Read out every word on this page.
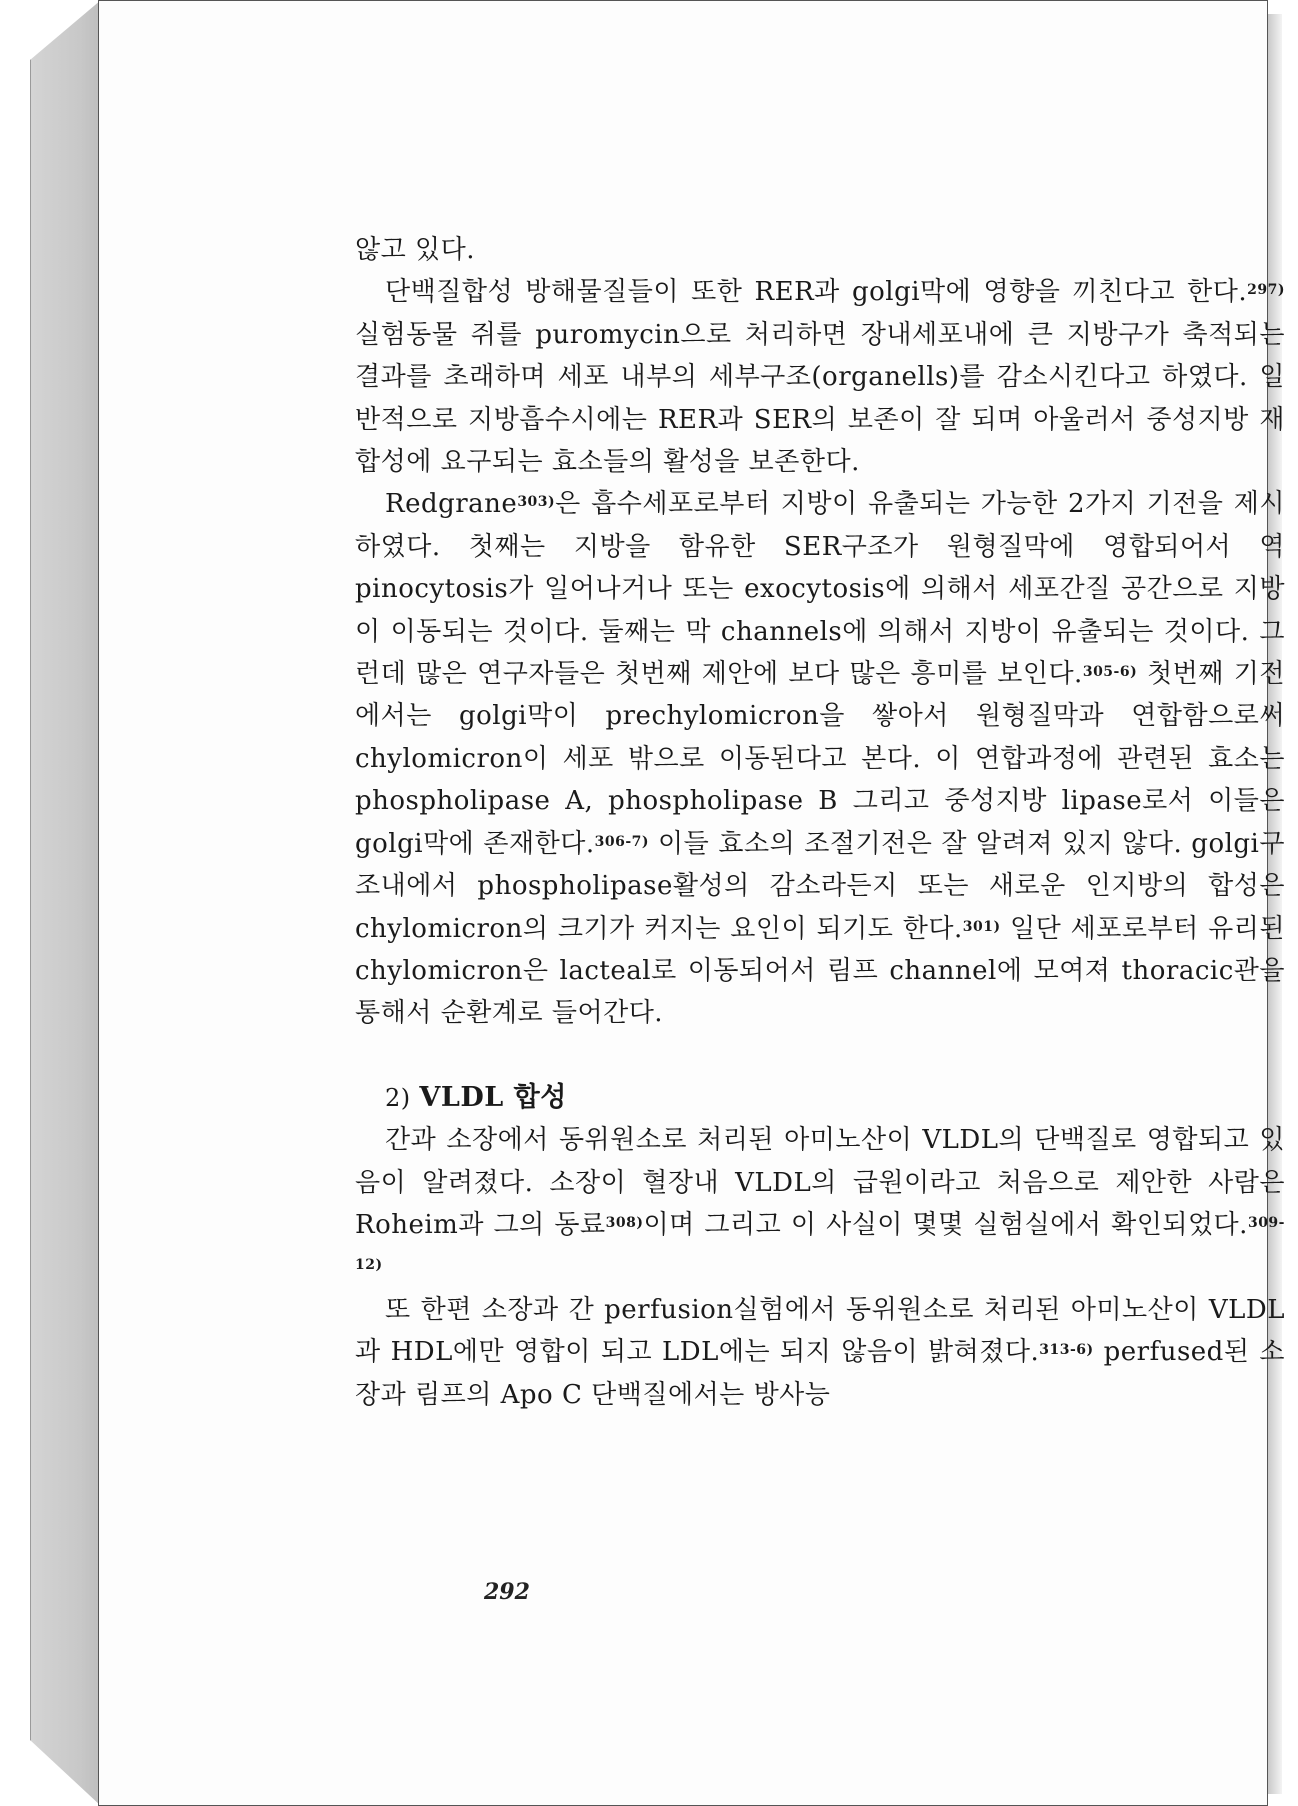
않고 있다.

단백질합성 방해물질들이 또한 RER과 golgi막에 영향을 끼친다고 한다.$^{297)}$ 실험동물 쥐를 puromycin으로 처리하면 장내세포내에 큰 지방구가 축적되는 결과를 초래하며 세포 내부의 세부구조(organells)를 감소시킨다고 하였다. 일반적으로 지방흡수시에는 RER과 SER의 보존이 잘 되며 아울러서 중성지방 재합성에 요구되는 효소들의 활성을 보존한다.

Redgrane$^{303)}$은 흡수세포로부터 지방이 유출되는 가능한 2가지 기전을 제시하였다. 첫째는 지방을 함유한 SER구조가 원형질막에 영합되어서 역 pinocytosis가 일어나거나 또는 exocytosis에 의해서 세포간질 공간으로 지방이 이동되는 것이다. 둘째는 막 channels에 의해서 지방이 유출되는 것이다. 그런데 많은 연구자들은 첫번째 제안에 보다 많은 흥미를 보인다.$^{305-6)}$ 첫번째 기전에서는 golgi막이 prechylomicron을 쌓아서 원형질막과 연합함으로써 chylomicron이 세포 밖으로 이동된다고 본다. 이 연합과정에 관련된 효소는 phospholipase A, phospholipase B 그리고 중성지방 lipase로서 이들은 golgi막에 존재한다.$^{306-7)}$ 이들 효소의 조절기전은 잘 알려져 있지 않다. golgi구조내에서 phospholipase활성의 감소라든지 또는 새로운 인지방의 합성은 chylomicron의 크기가 커지는 요인이 되기도 한다.$^{301)}$ 일단 세포로부터 유리된 chylomicron은 lacteal로 이동되어서 림프 channel에 모여져 thoracic관을 통해서 순환계로 들어간다.

2) VLDL 합성

간과 소장에서 동위원소로 처리된 아미노산이 VLDL의 단백질로 영합되고 있음이 알려졌다. 소장이 혈장내 VLDL의 급원이라고 처음으로 제안한 사람은 Roheim과 그의 동료$^{308)}$이며 그리고 이 사실이 몇몇 실험실에서 확인되었다.$^{309-12)}$

또 한편 소장과 간 perfusion실험에서 동위원소로 처리된 아미노산이 VLDL과 HDL에만 영합이 되고 LDL에는 되지 않음이 밝혀졌다.$^{313-6)}$ perfused된 소장과 림프의 Apo C 단백질에서는 방사능

292
